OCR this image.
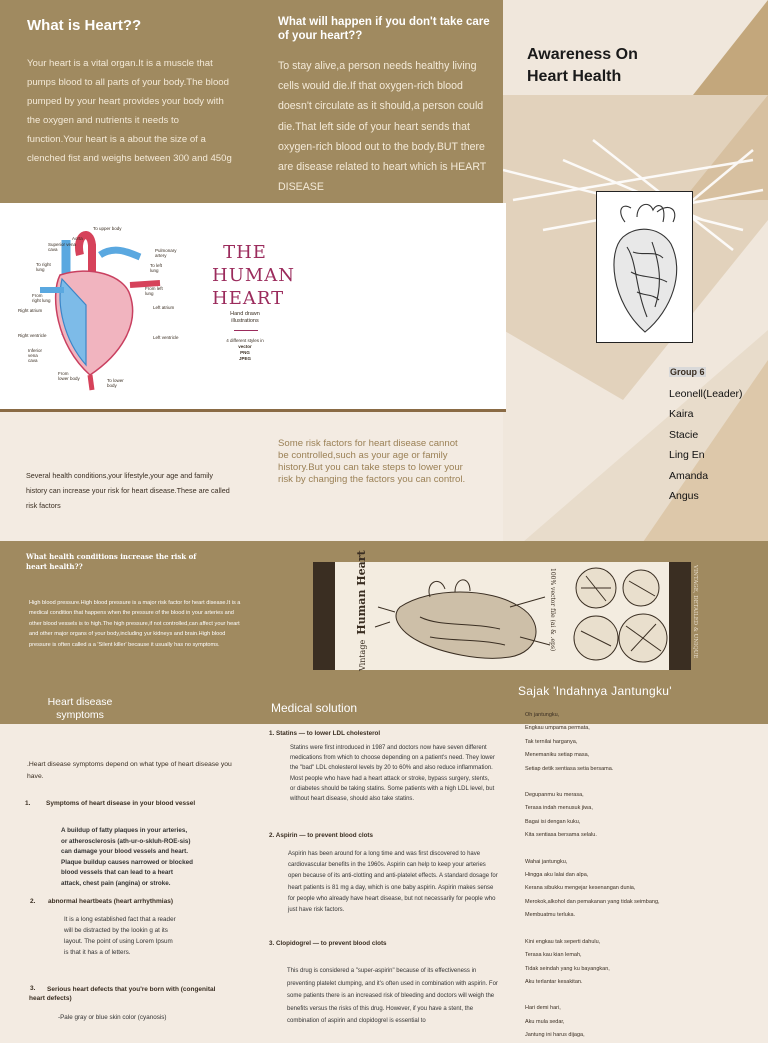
What is Heart??
Your heart is a vital organ.It is a muscle that pumps blood to all parts of your body.The blood pumped by your heart provides your body with the oxygen and nutrients it needs to function.Your heart is a about the size of a clenched fist and weighs between 300 and 450g
What will happen if you don't take care of your heart??
To stay alive,a person needs healthy living cells would die.If that oxygen-rich blood doesn't circulate as it should,a person could die.That left side of your heart sends that oxygen-rich blood out to the body.BUT there are disease related to heart which is HEART DISEASE
Awareness On
Heart Health
Group 6
Leonell(Leader)
Kaira
Stacie
Ling En
Amanda
Angus
To upper body
Aorta
Superior vena cava	Pulmonary artery
To right lung
To left lung
From right lung
From left lung
Left atrium
Right atrium
Right ventricle	Left ventricle
Inferior vena cava
From lower body	To lower body
THE
HUMAN
HEART
Hand drawn illustrations
4 different styles in
vector
PNG
JPEG
Several health conditions,your lifestyle,your age and family history can increase your risk for heart disease.These are called risk factors
Some risk factors for heart disease cannot be controlled,such as your age or family history.But you can take steps to lower your risk by changing the factors you can control.
What health conditions increase the risk of heart health??
High blood pressure.High blood pressure is a major risk factor for heart disease.It is a medical condition that happens when the pressure of the blood in your arteries and other blood vessels is to high.The high pressure,if not controlled,can affect your heart and other major organs of your body,including yur kidneys and brain.High blood pressure is often called a a 'Silent killer' because it usually has no symptoms.	Vintage Human Heart	100% vector file (ai & .eps)	VINTAGE, DETAILED & UNIQUE
Heart disease
symptoms
.Heart disease symptoms depend on what type of heart disease you have.
1. Symptoms of heart disease in your blood vessel
A buildup of fatty plaques in your arteries, or atherosclerosis (ath-ur-o-skluh-ROE-sis) can damage your blood vessels and heart. Plaque buildup causes narrowed or blocked blood vessels that can lead to a heart attack, chest pain (angina) or stroke.
2. abnormal heartbeats (heart arrhythmias)
It is a long established fact that a reader will be distracted by the lookin g at its layout. The point of using Lorem Ipsum is that it has a of letters.
3.	Serious heart defects that you're born with (congenital heart defects)
-Pale gray or blue skin color (cyanosis)
Medical solution
1. Statins — to lower LDL cholesterol
Statins were first introduced in 1987 and doctors now have seven different medications from which to choose depending on a patient's need. They lower the "bad" LDL cholesterol levels by 20 to 60% and also reduce inflammation. Most people who have had a heart attack or stroke, bypass surgery, stents, or diabetes should be taking statins. Some patients with a high LDL level, but without heart disease, should also take statins.
2. Aspirin — to prevent blood clots
Aspirin has been around for a long time and was first discovered to have cardiovascular benefits in the 1960s. Aspirin can help to keep your arteries open because of its anti-clotting and anti-platelet effects. A standard dosage for heart patients is 81 mg a day, which is one baby aspirin. Aspirin makes sense for people who already have heart disease, but not necessarily for people who just have risk factors.
3. Clopidogrel — to prevent blood clots
This drug is considered a "super-aspirin" because of its effectiveness in preventing platelet clumping, and it's often used in combination with aspirin. For some patients there is an increased risk of bleeding and doctors will weigh the benefits versus the risks of this drug. However, if you have a stent, the combination of aspirin and clopidogrel is essential to
Sajak 'Indahnya Jantungku'
Oh jantungku,
Engkau umpama permata,
Tak ternilai harganya,
Menemaniku setiap masa,
Setiap detik sentiasa setia bersama.
Degupanmu ku merasa,
Terasa indah menusuk jiwa,
Bagai isi dengan kuku,
Kita sentiasa bersama selalu.
Wahai jantungku,
Hingga aku lalai dan alpa,
Kerana sibukku mengejar kesenangan dunia,
Merokok,alkohol dan pemakanan yang tidak seimbang,
Membuatmu terluka.
Kini engkau tak seperti dahulu,
Terasa kau kian lemah,
Tidak seindah yang ku bayangkan,
Aku terlantar kesakitan.
Hari demi hari,
Aku mula sedar,
Jantung ini harus dijaga,
